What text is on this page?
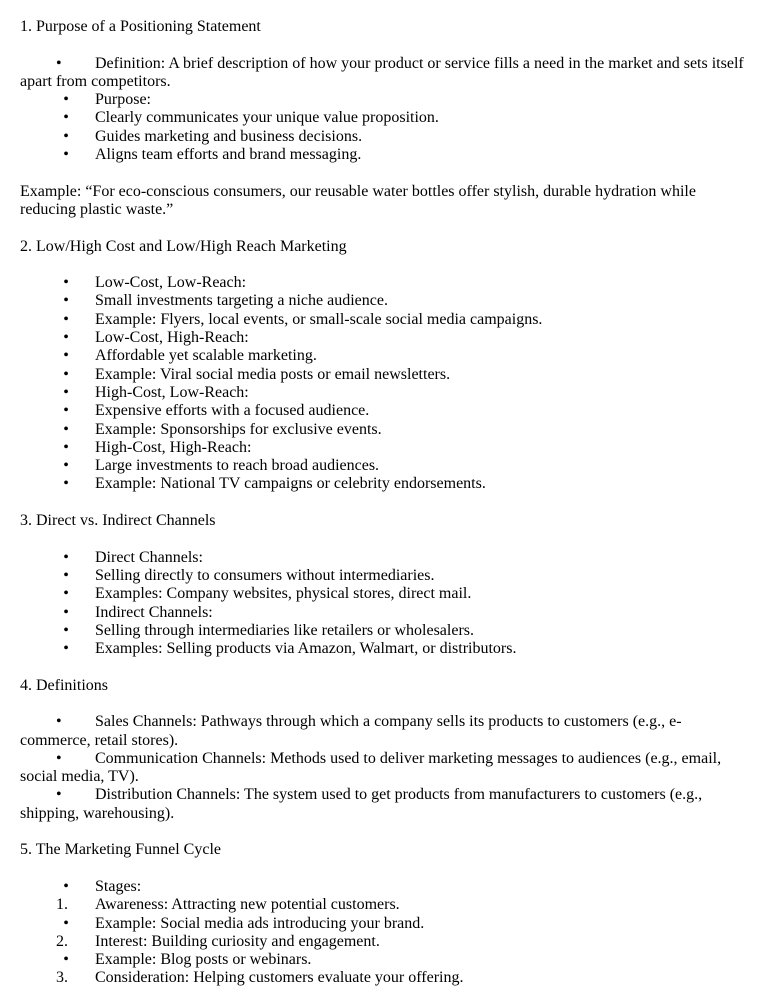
1. Purpose of a Positioning Statement
• Definition: A brief description of how your product or service fills a need in the market and sets itself apart from competitors.
•	Purpose:
•	Clearly communicates your unique value proposition.
•	Guides marketing and business decisions.
•	Aligns team efforts and brand messaging.
Example: “For eco-conscious consumers, our reusable water bottles offer stylish, durable hydration while reducing plastic waste.”
2. Low/High Cost and Low/High Reach Marketing
•	Low-Cost, Low-Reach:
•	Small investments targeting a niche audience.
•	Example: Flyers, local events, or small-scale social media campaigns.
•	Low-Cost, High-Reach:
•	Affordable yet scalable marketing.
•	Example: Viral social media posts or email newsletters.
•	High-Cost, Low-Reach:
•	Expensive efforts with a focused audience.
•	Example: Sponsorships for exclusive events.
•	High-Cost, High-Reach:
•	Large investments to reach broad audiences.
•	Example: National TV campaigns or celebrity endorsements.
3. Direct vs. Indirect Channels
•	Direct Channels:
•	Selling directly to consumers without intermediaries.
•	Examples: Company websites, physical stores, direct mail.
•	Indirect Channels:
•	Selling through intermediaries like retailers or wholesalers.
•	Examples: Selling products via Amazon, Walmart, or distributors.
4. Definitions
• Sales Channels: Pathways through which a company sells its products to customers (e.g., e-commerce, retail stores).
• Communication Channels: Methods used to deliver marketing messages to audiences (e.g., email, social media, TV).
• Distribution Channels: The system used to get products from manufacturers to customers (e.g., shipping, warehousing).
5. The Marketing Funnel Cycle
•	Stages:
1.	Awareness: Attracting new potential customers.
•	Example: Social media ads introducing your brand.
2.	Interest: Building curiosity and engagement.
•	Example: Blog posts or webinars.
3.	Consideration: Helping customers evaluate your offering.
